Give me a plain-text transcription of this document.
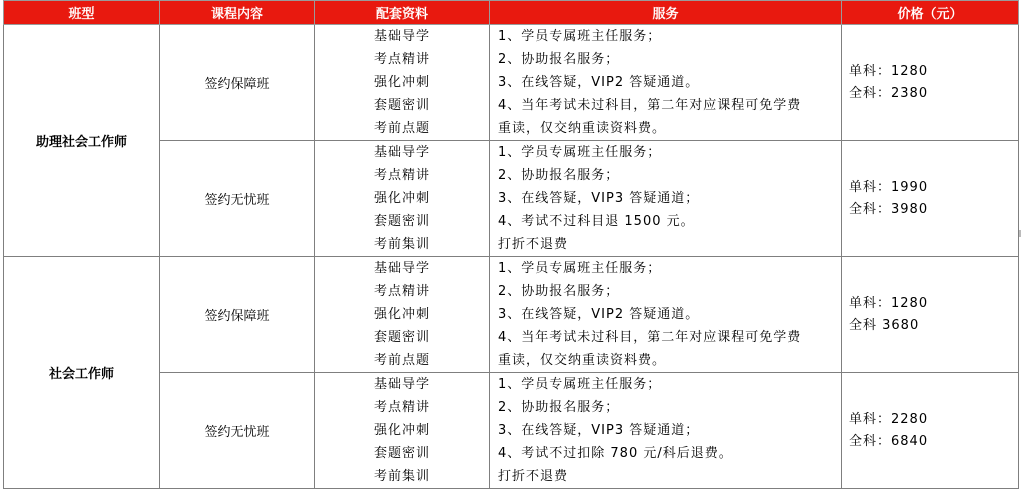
班型	课程内容	配套资料	服务	价格（元）
助理社会工作师	签约保障班	基础导学
考点精讲
强化冲刺
套题密训
考前点题	1、学员专属班主任服务；
2、协助报名服务；
3、在线答疑，VIP2 答疑通道。
4、当年考试未过科目，第二年对应课程可免学费
重读，仅交纳重读资料费。	单科：1280
全科：2380

	签约无忧班	基础导学
考点精讲
强化冲刺
套题密训
考前集训	1、学员专属班主任服务；
2、协助报名服务；
3、在线答疑，VIP3 答疑通道；
4、考试不过科目退 1500 元。
打折不退费	单科：1990
全科：3980

社会工作师	签约保障班	基础导学
考点精讲
强化冲刺
套题密训
考前点题	1、学员专属班主任服务；
2、协助报名服务；
3、在线答疑，VIP2 答疑通道。
4、当年考试未过科目，第二年对应课程可免学费
重读，仅交纳重读资料费。	单科：1280
全科 3680

	签约无忧班	基础导学
考点精讲
强化冲刺
套题密训
考前集训	1、学员专属班主任服务；
2、协助报名服务；
3、在线答疑，VIP3 答疑通道；
4、考试不过扣除 780 元/科后退费。
打折不退费	单科：2280
全科：6840
